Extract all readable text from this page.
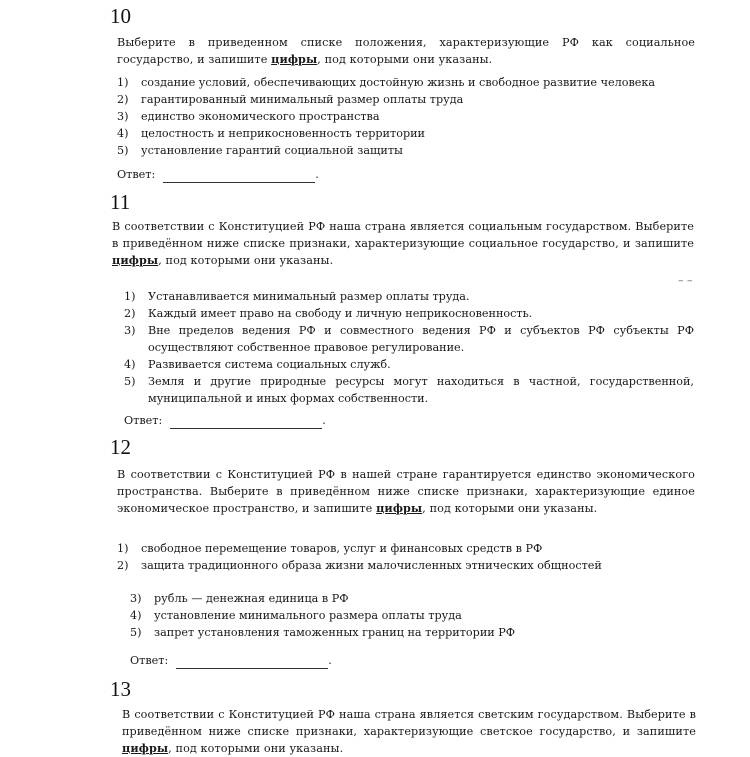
10
Выберите в приведенном списке положения, характеризующие РФ как социальное государство, и запишите цифры, под которыми они указаны.
1) создание условий, обеспечивающих достойную жизнь и свободное развитие человека
2) гарантированный минимальный размер оплаты труда
3) единство экономического пространства
4) целостность и неприкосновенность территории
5) установление гарантий социальной защиты
Ответ:	.
11
В соответствии с Конституцией РФ наша страна является социальным государством. Выберите в приведённом ниже списке признаки, характеризующие социальное государство, и запишите цифры, под которыми они указаны.
– –
1) Устанавливается минимальный размер оплаты труда.
2) Каждый имеет право на свободу и личную неприкосновенность.
3) Вне пределов ведения РФ и совместного ведения РФ и субъектов РФ субъекты РФ осуществляют собственное правовое регулирование.
4) Развивается система социальных служб.
5) Земля и другие природные ресурсы могут находиться в частной, государственной, муниципальной и иных формах собственности.
Ответ:	.
12
В соответствии с Конституцией РФ в нашей стране гарантируется единство экономического пространства. Выберите в приведённом ниже списке признаки, характеризующие единое экономическое пространство, и запишите цифры, под которыми они указаны.
1) свободное перемещение товаров, услуг и финансовых средств в РФ
2) защита традиционного образа жизни малочисленных этнических общностей
3) рубль — денежная единица в РФ
4) установление минимального размера оплаты труда
5) запрет установления таможенных границ на территории РФ
Ответ:	.
13
В соответствии с Конституцией РФ наша страна является светским государством. Выберите в приведённом ниже списке признаки, характеризующие светское государство, и запишите цифры, под которыми они указаны.
